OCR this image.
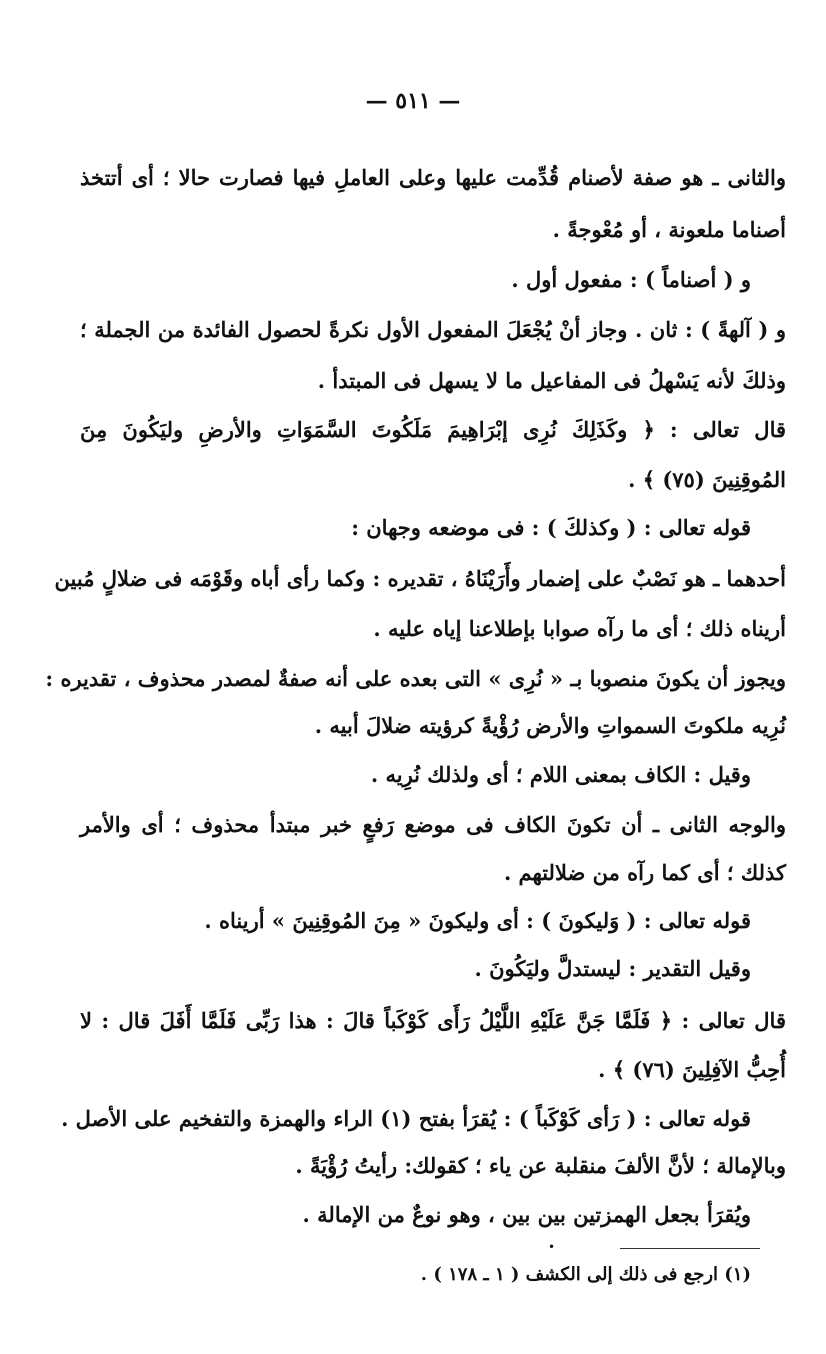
— ٥١١ —
والثانى ـ هو صفة لأصنام قُدِّمت عليها وعلى العاملِ فيها فصارت حالا ؛ أى أتتخذ
أصناما ملعونة ، أو مُعْوجةً .
و ( أصناماً ) : مفعول أول .
و ( آلهةً ) : ثان . وجاز أنْ يُجْعَلَ المفعول الأول نكرةً لحصول الفائدة من الجملة ؛
وذلكَ لأنه يَسْهلُ فى المفاعيل ما لا يسهل فى المبتدأ .
قال تعالى : ﴿ وكَذَلِكَ نُرِى إبْرَاهِيمَ مَلَكُوتَ السَّمَوَاتِ والأرضِ وليَكُونَ مِنَ
المُوقِنِينَ (٧٥) ﴾ .
قوله تعالى : ( وكذلكَ ) : فى موضعه وجهان :
أحدهما ـ هو نَصْبٌ على إضمار وأَرَيْنَاهُ ، تقديره : وكما رأى أباه وقَوْمَه فى ضلالٍ مُبين
أريناه ذلك ؛ أى ما رآه صوابا بإطلاعنا إياه عليه .
ويجوز أن يكونَ منصوبا بـ « نُرِى » التى بعده على أنه صفةٌ لمصدر محذوف ، تقديره :
نُرِيه ملكوتَ السمواتِ والأرض رُؤْيةً كرؤيته ضلالَ أبيه .
وقيل : الكاف بمعنى اللام ؛ أى ولذلك نُرِيه .
والوجه الثانى ـ أن تكونَ الكاف فى موضع رَفعٍ خبر مبتدأ محذوف ؛ أى والأمر
كذلك ؛ أى كما رآه من ضلالتهم .
قوله تعالى : ( وَليكونَ ) : أى وليكونَ « مِنَ المُوقِنِينَ » أريناه .
وقيل التقدير : ليستدلَّ وليَكُونَ .
قال تعالى : ﴿ فَلَمَّا جَنَّ عَلَيْهِ اللَّيْلُ رَأَى كَوْكَباً قالَ : هذا رَبِّى فَلَمَّا أَفَلَ قال : لا
أُحِبُّ الآفِلِينَ (٧٦) ﴾ .
قوله تعالى : ( رَأى كَوْكَباً ) : يُقرَأ بفتح (١) الراء والهمزة والتفخيم على الأصل .
وبالإمالة ؛ لأنَّ الألفَ منقلبة عن ياء ؛ كقولك: رأيتُ رُؤْيَةً .
ويُقرَأ بجعل الهمزتين بين بين ، وهو نوعٌ من الإمالة .
•
(١) ارجع فى ذلك إلى الكشف ( ١ ـ ١٧٨ ) .
